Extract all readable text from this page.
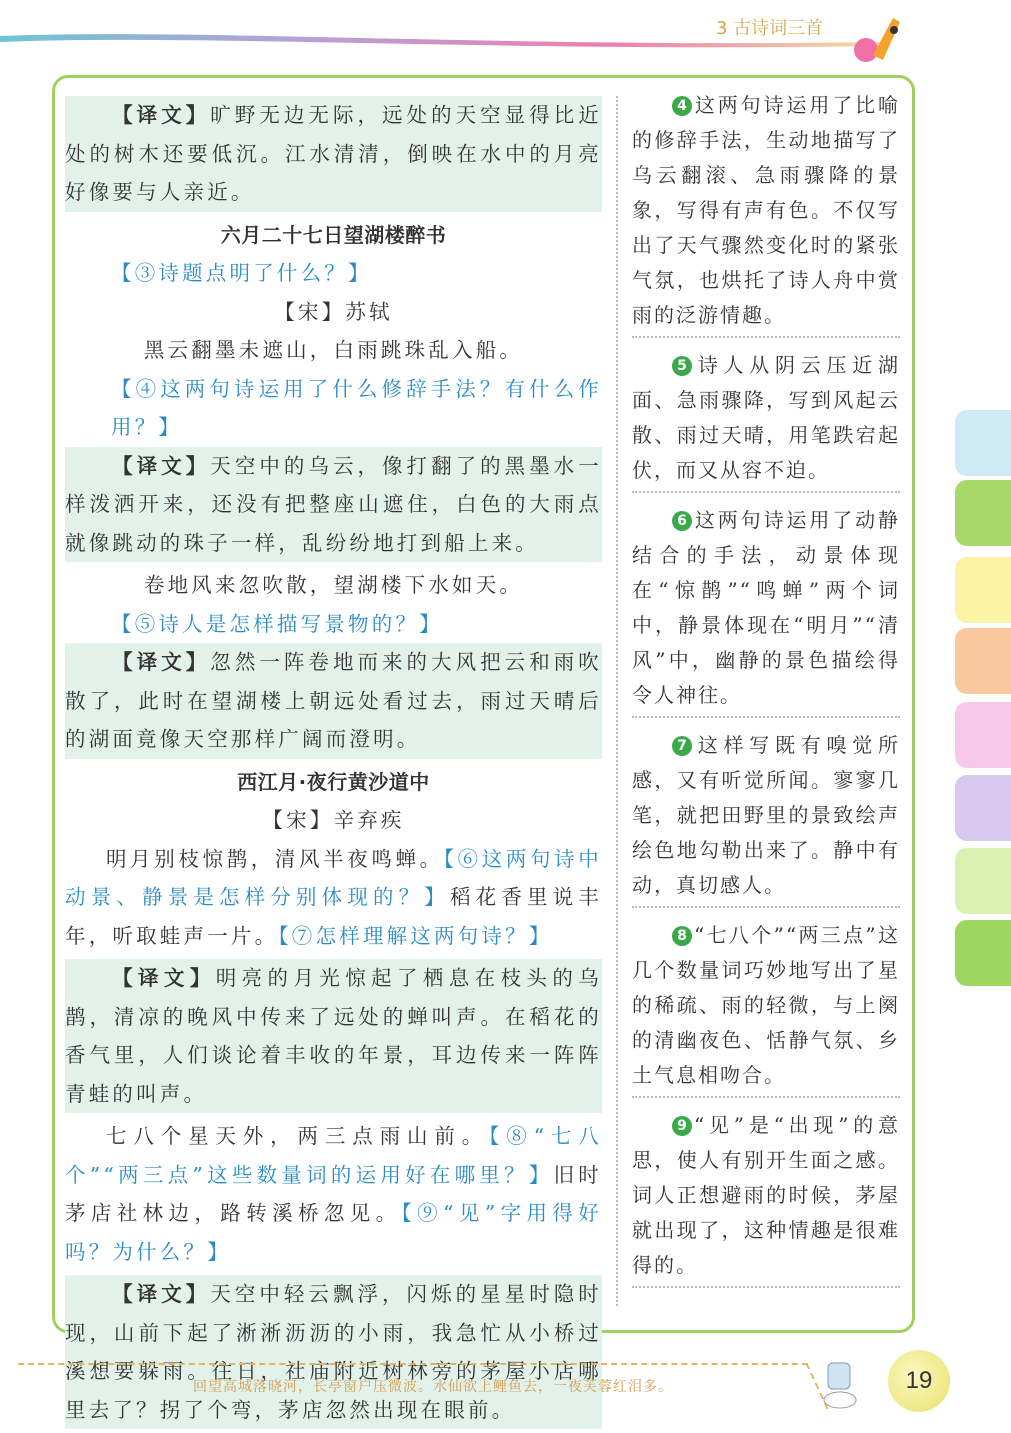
3 古诗词三首
【译文】旷野无边无际，远处的天空显得比近处的树木还要低沉。江水清清，倒映在水中的月亮好像要与人亲近。
六月二十七日望湖楼醉书
【③诗题点明了什么？】
【宋】苏轼
黑云翻墨未遮山，白雨跳珠乱入船。
【④这两句诗运用了什么修辞手法？有什么作用？】
【译文】天空中的乌云，像打翻了的黑墨水一样泼洒开来，还没有把整座山遮住，白色的大雨点就像跳动的珠子一样，乱纷纷地打到船上来。
卷地风来忽吹散，望湖楼下水如天。
【⑤诗人是怎样描写景物的？】
【译文】忽然一阵卷地而来的大风把云和雨吹散了，此时在望湖楼上朝远处看过去，雨过天晴后的湖面竟像天空那样广阔而澄明。
西江月·夜行黄沙道中
【宋】辛弃疾
明月别枝惊鹊，清风半夜鸣蝉。【⑥这两句诗中动景、静景是怎样分别体现的？】稻花香里说丰年，听取蛙声一片。【⑦怎样理解这两句诗？】
【译文】明亮的月光惊起了栖息在枝头的乌鹊，清凉的晚风中传来了远处的蝉叫声。在稻花的香气里，人们谈论着丰收的年景，耳边传来一阵阵青蛙的叫声。
七八个星天外，两三点雨山前。【⑧“七八个”“两三点”这些数量词的运用好在哪里？】旧时茅店社林边，路转溪桥忽见。【⑨“见”字用得好吗？为什么？】
【译文】天空中轻云飘浮，闪烁的星星时隐时现，山前下起了淅淅沥沥的小雨，我急忙从小桥过溪想要躲雨。往日，社庙附近树林旁的茅屋小店哪里去了？拐了个弯，茅店忽然出现在眼前。
4 这两句诗运用了比喻的修辞手法，生动地描写了乌云翻滚、急雨骤降的景象，写得有声有色。不仅写出了天气骤然变化时的紧张气氛，也烘托了诗人舟中赏雨的泛游情趣。
5 诗人从阴云压近湖面、急雨骤降，写到风起云散、雨过天晴，用笔跌宕起伏，而又从容不迫。
6 这两句诗运用了动静结合的手法，动景体现在“惊鹊”“鸣蝉”两个词中，静景体现在“明月”“清风”中，幽静的景色描绘得令人神往。
7 这样写既有嗅觉所感，又有听觉所闻。寥寥几笔，就把田野里的景致绘声绘色地勾勒出来了。静中有动，真切感人。
8 “七八个”“两三点”这几个数量词巧妙地写出了星的稀疏、雨的轻微，与上阕的清幽夜色、恬静气氛、乡土气息相吻合。
9 “见”是“出现”的意思，使人有别开生面之感。词人正想避雨的时候，茅屋就出现了，这种情趣是很难得的。
回望高城落晓河，长亭窗户压微波。水仙欲上鲤鱼去，一夜芙蓉红泪多。	19
